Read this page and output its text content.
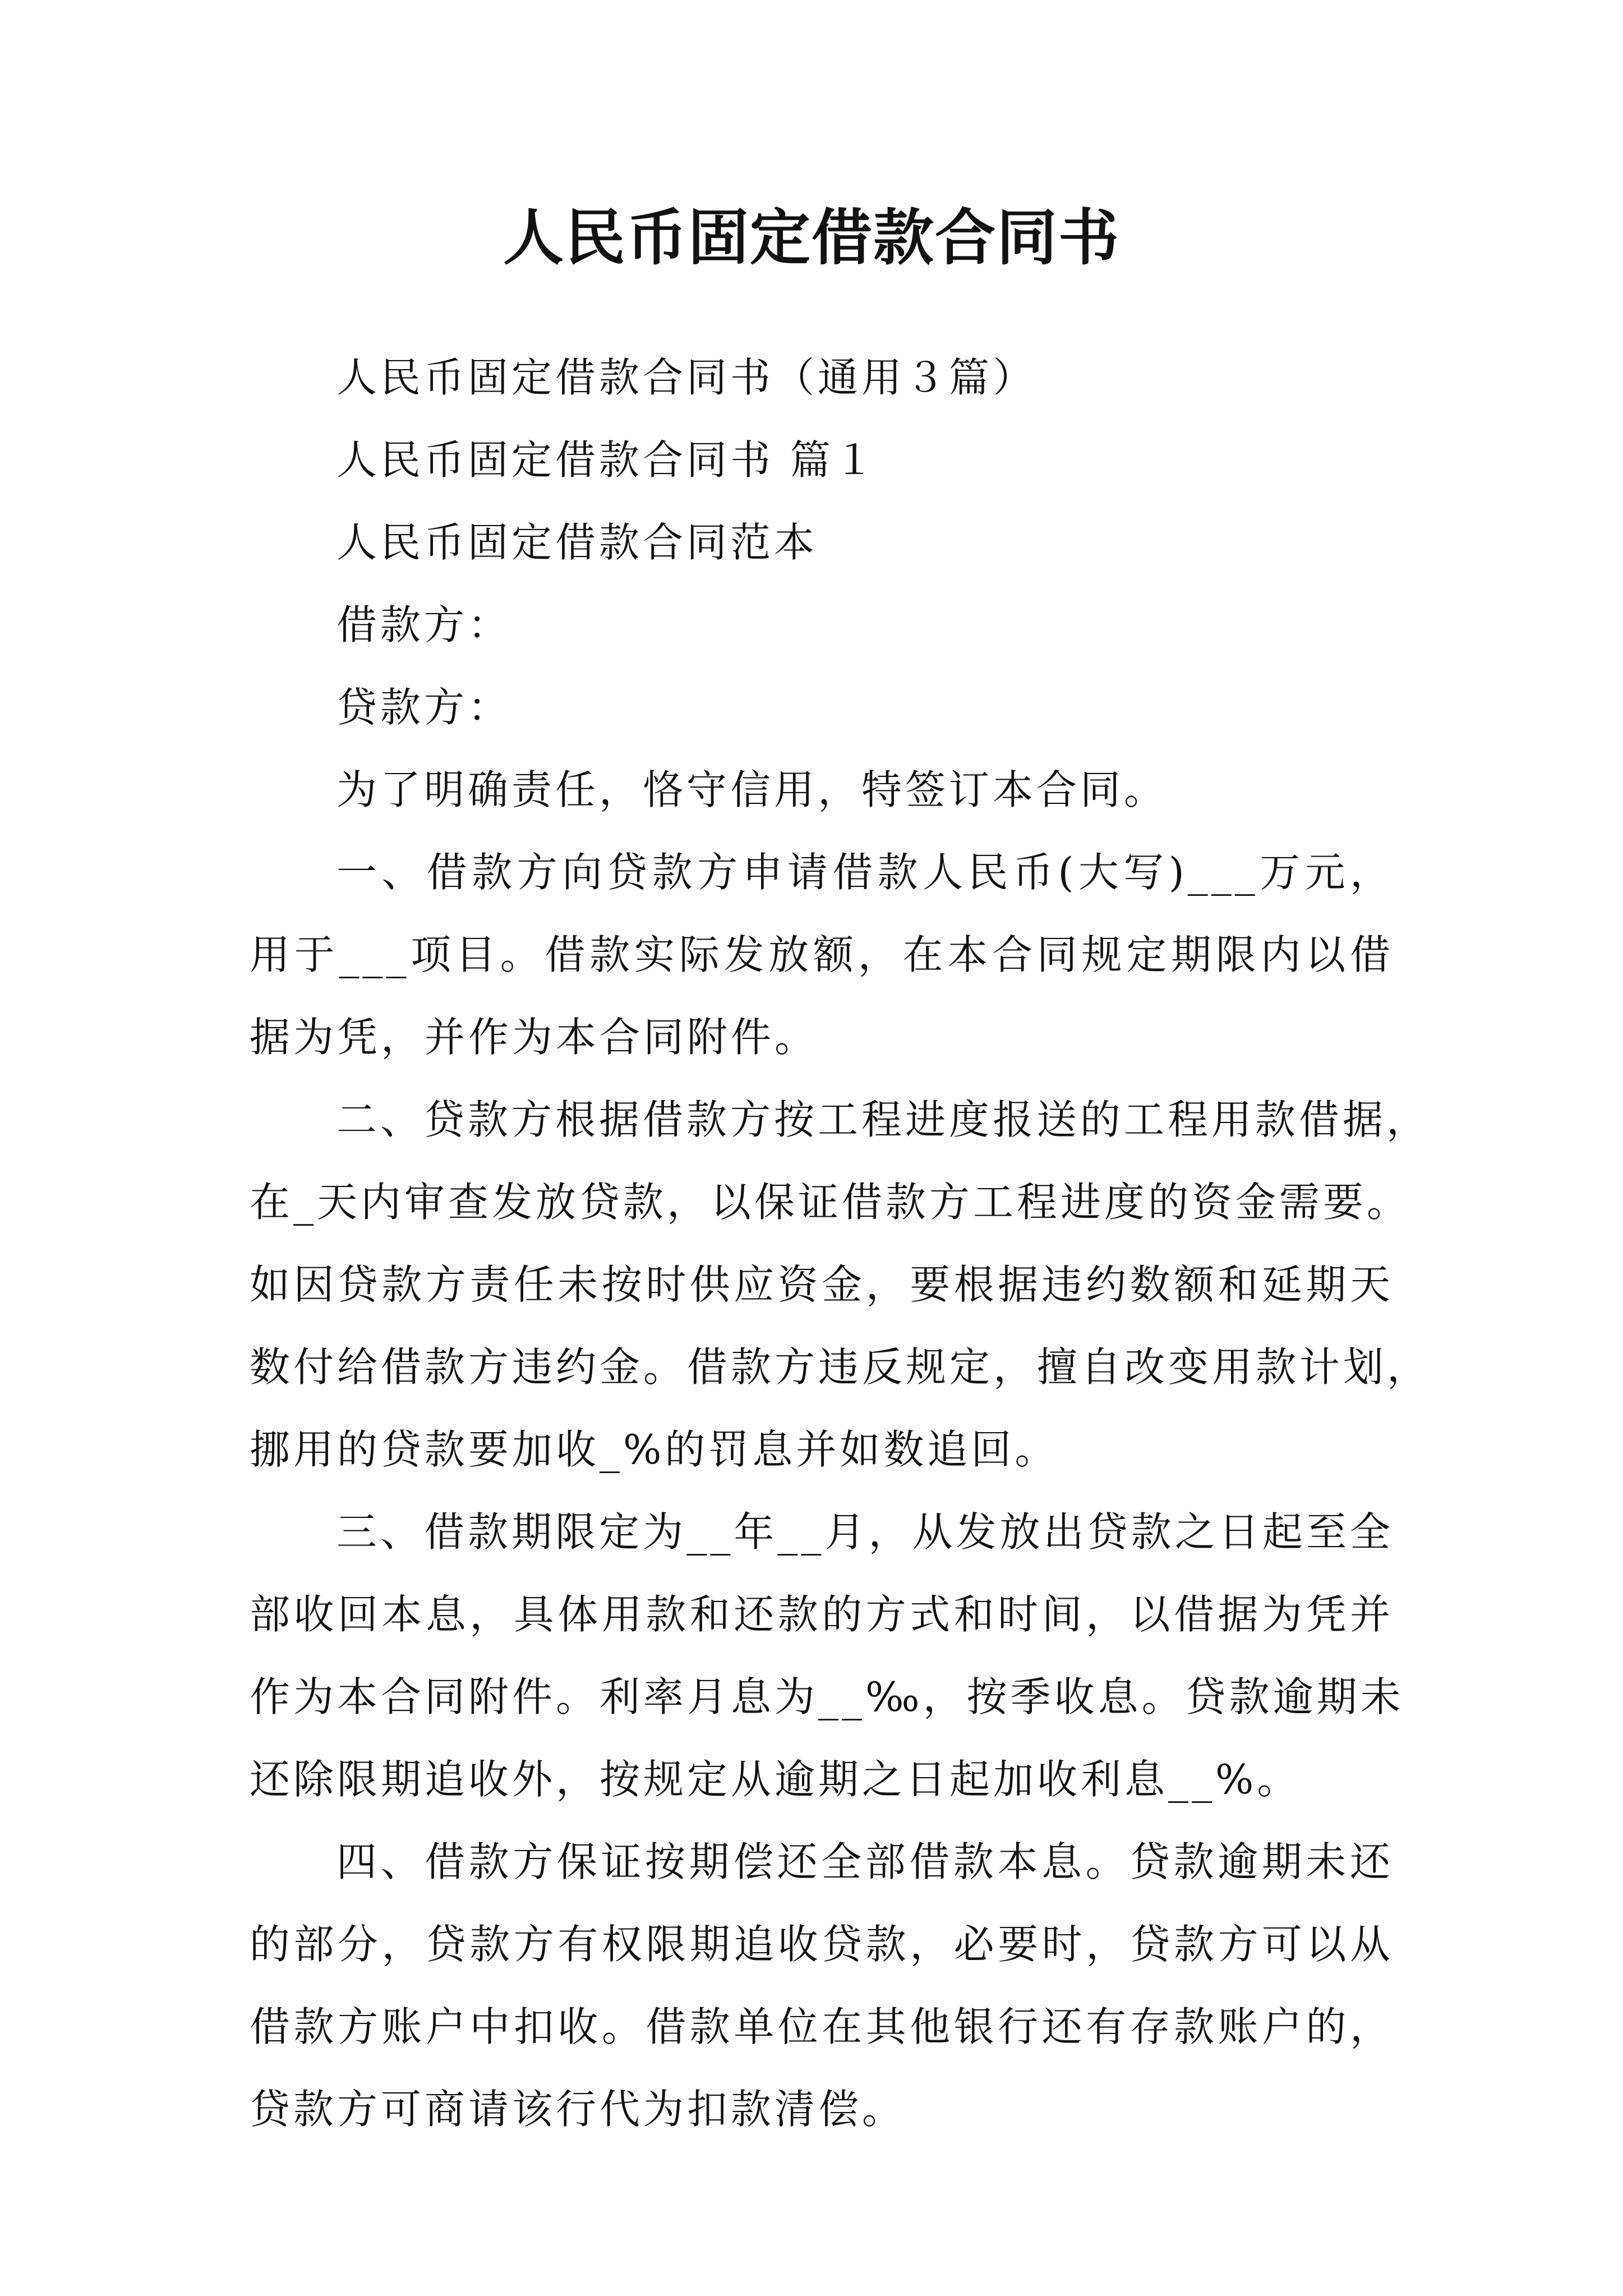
人民币固定借款合同书

人民币固定借款合同书（通用３篇）

人民币固定借款合同书 篇１

人民币固定借款合同范本

借款方：

贷款方：

为了明确责任，恪守信用，特签订本合同。

一、借款方向贷款方申请借款人民币(大写)___万元，

用于___项目。借款实际发放额，在本合同规定期限内以借

据为凭，并作为本合同附件。

二、贷款方根据借款方按工程进度报送的工程用款借据，

在_天内审查发放贷款，以保证借款方工程进度的资金需要。

如因贷款方责任未按时供应资金，要根据违约数额和延期天

数付给借款方违约金。借款方违反规定，擅自改变用款计划，

挪用的贷款要加收_%的罚息并如数追回。

三、借款期限定为__年__月，从发放出贷款之日起至全

部收回本息，具体用款和还款的方式和时间，以借据为凭并

作为本合同附件。利率月息为__‰，按季收息。贷款逾期未

还除限期追收外，按规定从逾期之日起加收利息__%。

四、借款方保证按期偿还全部借款本息。贷款逾期未还

的部分，贷款方有权限期追收贷款，必要时，贷款方可以从

借款方账户中扣收。借款单位在其他银行还有存款账户的，

贷款方可商请该行代为扣款清偿。
